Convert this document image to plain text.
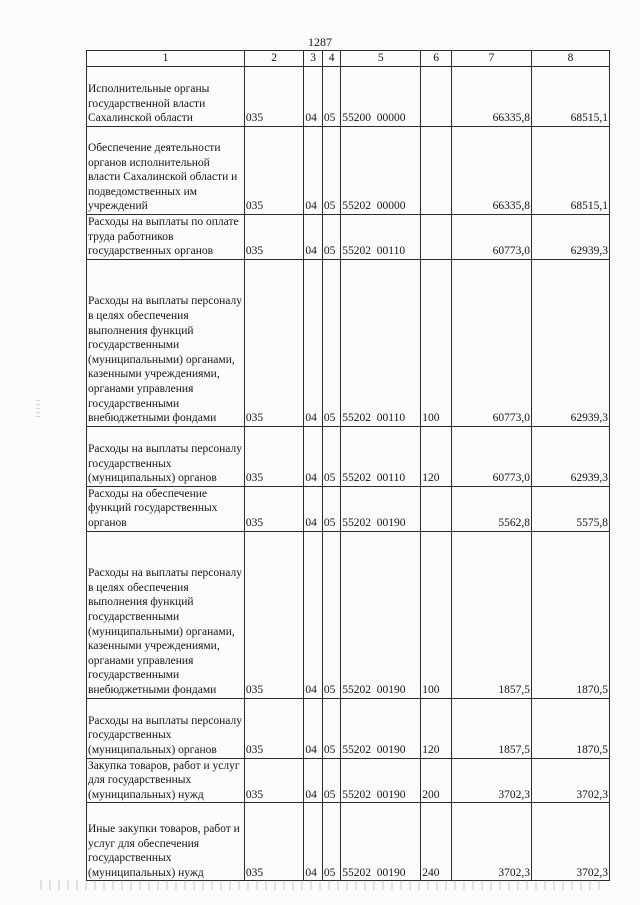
1287
1	2	3	4	5	6	7	8
Исполнительные органы государственной власти Сахалинской области	035	04	05	55200  00000		66335,8	68515,1
Обеспечение деятельности органов исполнительной власти Сахалинской области и подведомственных им учреждений	035	04	05	55202  00000		66335,8	68515,1
Расходы на выплаты по оплате труда работников государственных органов	035	04	05	55202  00110		60773,0	62939,3
Расходы на выплаты персоналу в целях обеспечения выполнения функций государственными (муниципальными) органами, казенными учреждениями, органами управления государственными внебюджетными фондами	035	04	05	55202  00110	100	60773,0	62939,3
Расходы на выплаты персоналу государственных (муниципальных) органов	035	04	05	55202  00110	120	60773,0	62939,3
Расходы на обеспечение функций государственных органов	035	04	05	55202  00190		5562,8	5575,8
Расходы на выплаты персоналу в целях обеспечения выполнения функций государственными (муниципальными) органами, казенными учреждениями, органами управления государственными внебюджетными фондами	035	04	05	55202  00190	100	1857,5	1870,5
Расходы на выплаты персоналу государственных (муниципальных) органов	035	04	05	55202  00190	120	1857,5	1870,5
Закупка товаров, работ и услуг для государственных (муниципальных) нужд	035	04	05	55202  00190	200	3702,3	3702,3
Иные закупки товаров, работ и услуг для обеспечения государственных (муниципальных) нужд	035	04	05	55202  00190	240	3702,3	3702,3
